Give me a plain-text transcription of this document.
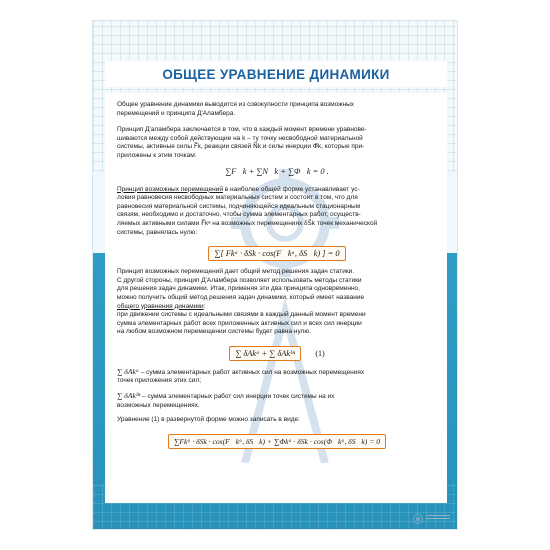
ОБЩЕЕ УРАВНЕНИЕ ДИНАМИКИ
Общее уравнение динамики выводится из совокупности принципа возможных
перемещений и принципа Д'Аламбера.
Принцип Д'аламбера заключается в том, что в каждый момент времени уравнове-
шиваются между собой действующие на k – ту точку несвободной материальной
системы, активные силы F⃗k, реакции связей N⃗k и силы инерции Φ⃗k, которые при-
приложены к этим точкам:
∑F⃗k + ∑N⃗k + ∑Φ⃗k = 0 .
Принцип возможных перемещений в наиболее общей форме устанавливает ус-
ловия равновесия несвободных материальных систем и состоит в том, что для
равновесия материальной системы, подчиняющейся идеальным стационарным
связям, необходимо и достаточно, чтобы сумма элементарных работ, осуществ-
ляемых активными силами F⃗kᵃ на возможных перемещениях δS⃗k точек механической
системы, равнялась нулю:
∑[ Fkᵃ · δSk · cos(F⃗kᵃ, δS⃗k) ] = 0
Принцип возможных перемещений дает общий метод решения задач статики.
С другой стороны, принцип Д'Аламбера позволяет использовать методы статики
для решения задач динамики. Итак, применяя эти два принципа одновременно,
можно получить общий метод решения задач динамики, который имеет название
общего уравнения динамики:
при движении системы с идеальными связями в каждый данный момент времени
сумма элементарных работ всех приложенных активных сил и всех сил инерции
на любом возможном перемещении системы будет равна нулю.
∑ δAkᵃ + ∑ δAkᴵⁿ	(1)
∑ δAkᵃ – сумма элементарных работ активных сил на возможных перемещениях
точек приложения этих сил;
∑ δAkᴵⁿ – сумма элементарных работ сил инерции точек системы на их
возможных перемещениях.
Уравнение (1) в развернутой форме можно записать в виде:
∑Fkᵃ · δSk · cos(F⃗kᵃ, δS⃗k) + ∑Φkᵃ · δSk · cos(Φ⃗kᵃ, δS⃗k) = 0
